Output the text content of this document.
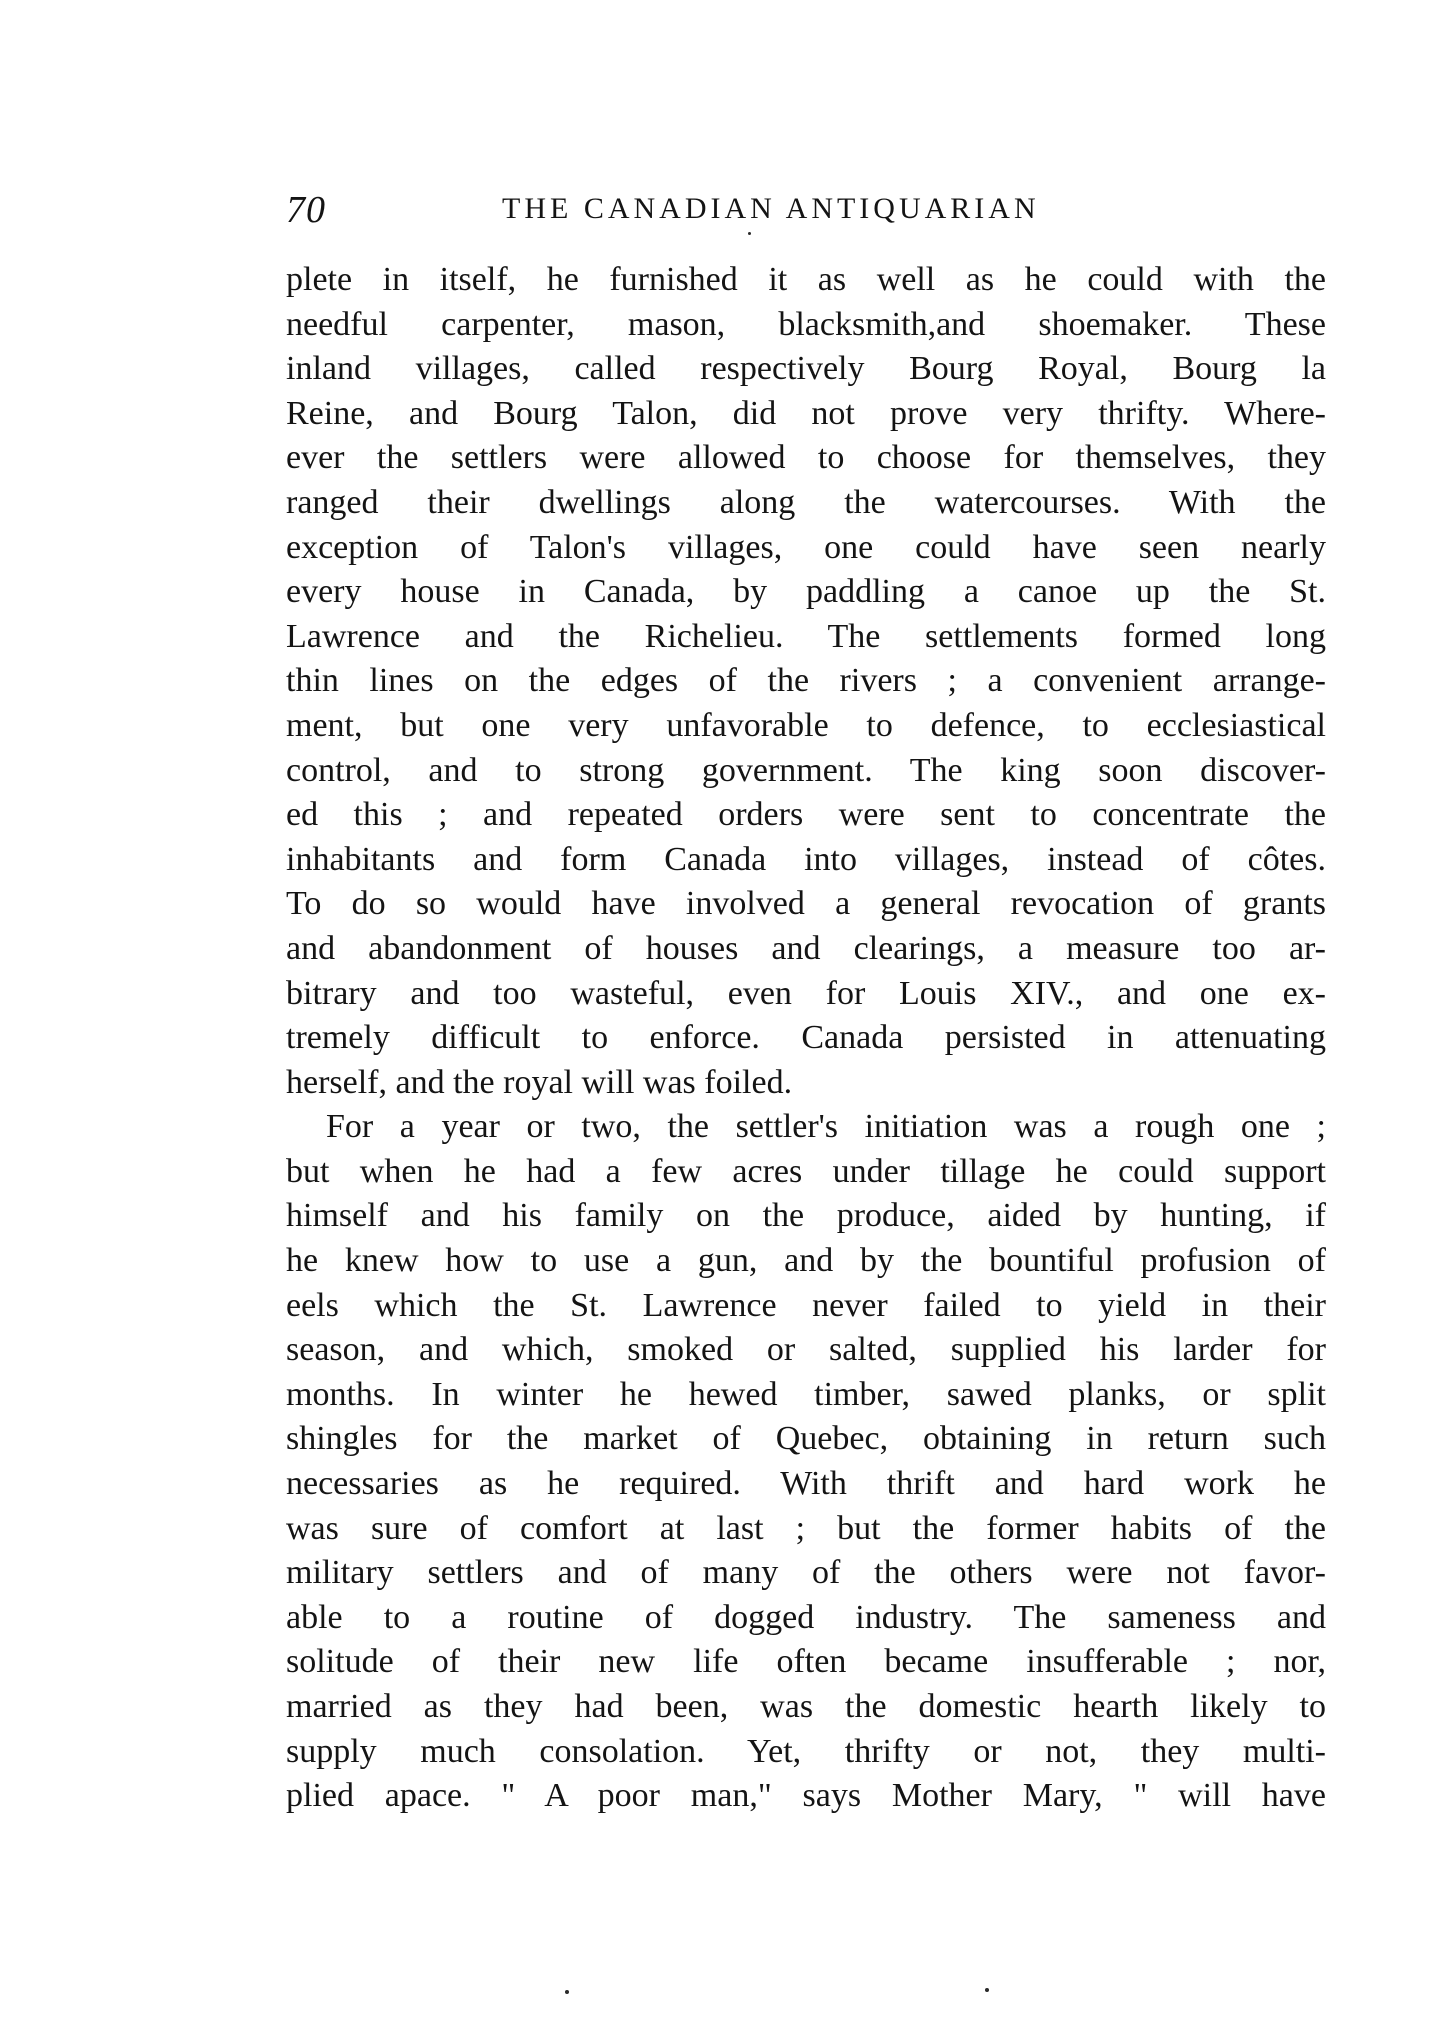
70	THE CANADIAN ANTIQUARIAN

plete in itself, he furnished it as well as he could with the
needful carpenter, mason, blacksmith,and shoemaker. These
inland villages, called respectively Bourg Royal, Bourg la
Reine, and Bourg Talon, did not prove very thrifty. Where-
ever the settlers were allowed to choose for themselves, they
ranged their dwellings along the watercourses. With the
exception of Talon's villages, one could have seen nearly
every house in Canada, by paddling a canoe up the St.
Lawrence and the Richelieu. The settlements formed long
thin lines on the edges of the rivers ; a convenient arrange-
ment, but one very unfavorable to defence, to ecclesiastical
control, and to strong government. The king soon discover-
ed this ; and repeated orders were sent to concentrate the
inhabitants and form Canada into villages, instead of côtes.
To do so would have involved a general revocation of grants
and abandonment of houses and clearings, a measure too ar-
bitrary and too wasteful, even for Louis XIV., and one ex-
tremely difficult to enforce. Canada persisted in attenuating
herself, and the royal will was foiled.

For a year or two, the settler's initiation was a rough one ;
but when he had a few acres under tillage he could support
himself and his family on the produce, aided by hunting, if
he knew how to use a gun, and by the bountiful profusion of
eels which the St. Lawrence never failed to yield in their
season, and which, smoked or salted, supplied his larder for
months. In winter he hewed timber, sawed planks, or split
shingles for the market of Quebec, obtaining in return such
necessaries as he required. With thrift and hard work he
was sure of comfort at last ; but the former habits of the
military settlers and of many of the others were not favor-
able to a routine of dogged industry. The sameness and
solitude of their new life often became insufferable ; nor,
married as they had been, was the domestic hearth likely to
supply much consolation. Yet, thrifty or not, they multi-
plied apace. " A poor man," says Mother Mary, " will have
